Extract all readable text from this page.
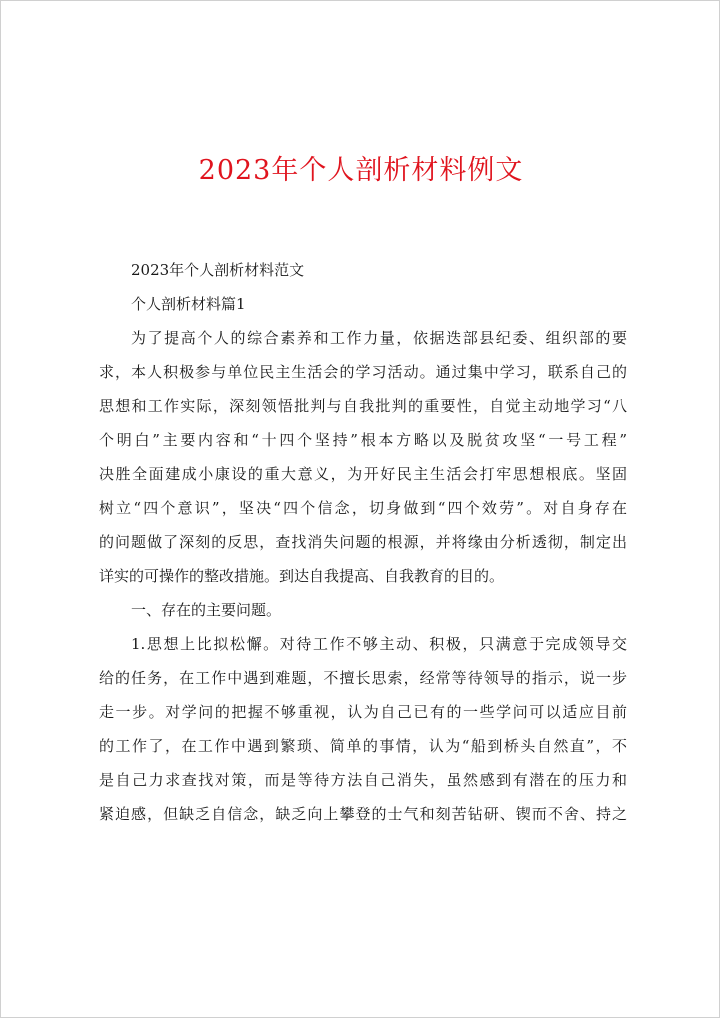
2023年个人剖析材料例文
2023年个人剖析材料范文
个人剖析材料篇1
为了提高个人的综合素养和工作力量，依据迭部县纪委、组织部的要
求，本人积极参与单位民主生活会的学习活动。通过集中学习，联系自己的
思想和工作实际，深刻领悟批判与自我批判的重要性，自觉主动地学习“八
个明白”主要内容和“十四个坚持”根本方略以及脱贫攻坚“一号工程”
决胜全面建成小康设的重大意义，为开好民主生活会打牢思想根底。坚固
树立“四个意识”，坚决“四个信念，切身做到“四个效劳”。对自身存在
的问题做了深刻的反思，查找消失问题的根源，并将缘由分析透彻，制定出
详实的可操作的整改措施。到达自我提高、自我教育的目的。
一、存在的主要问题。
1.思想上比拟松懈。对待工作不够主动、积极，只满意于完成领导交
给的任务，在工作中遇到难题，不擅长思索，经常等待领导的指示，说一步
走一步。对学问的把握不够重视，认为自己已有的一些学问可以适应目前
的工作了，在工作中遇到繁琐、简单的事情，认为“船到桥头自然直”，不
是自己力求查找对策，而是等待方法自己消失，虽然感到有潜在的压力和
紧迫感，但缺乏自信念，缺乏向上攀登的士气和刻苦钻研、锲而不舍、持之
